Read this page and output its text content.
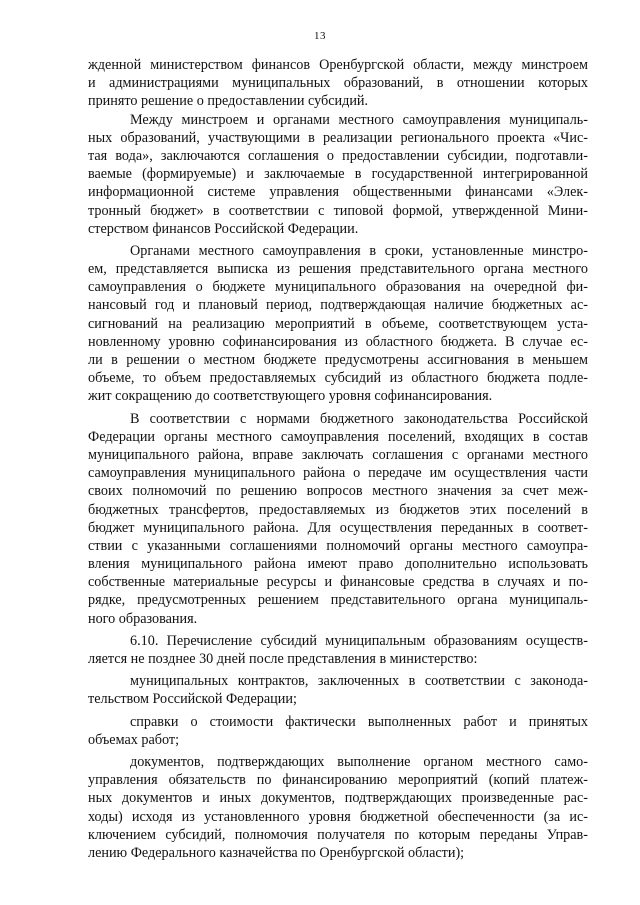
13
жденной министерством финансов Оренбургской области, между минстроем
и администрациями муниципальных образований, в отношении которых
принято решение о предоставлении субсидий.
Между минстроем и органами местного самоуправления муниципаль-
ных образований, участвующими в реализации регионального проекта «Чис-
тая вода», заключаются соглашения о предоставлении субсидии, подготавли-
ваемые (формируемые) и заключаемые в государственной интегрированной
информационной системе управления общественными финансами «Элек-
тронный бюджет» в соответствии с типовой формой, утвержденной Мини-
стерством финансов Российской Федерации.
Органами местного самоуправления в сроки, установленные минстро-
ем, представляется выписка из решения представительного органа местного
самоуправления о бюджете муниципального образования на очередной фи-
нансовый год и плановый период, подтверждающая наличие бюджетных ас-
сигнований на реализацию мероприятий в объеме, соответствующем уста-
новленному уровню софинансирования из областного бюджета. В случае ес-
ли в решении о местном бюджете предусмотрены ассигнования в меньшем
объеме, то объем предоставляемых субсидий из областного бюджета подле-
жит сокращению до соответствующего уровня софинансирования.
В соответствии с нормами бюджетного законодательства Российской
Федерации органы местного самоуправления поселений, входящих в состав
муниципального района, вправе заключать соглашения с органами местного
самоуправления муниципального района о передаче им осуществления части
своих полномочий по решению вопросов местного значения за счет меж-
бюджетных трансфертов, предоставляемых из бюджетов этих поселений в
бюджет муниципального района. Для осуществления переданных в соответ-
ствии с указанными соглашениями полномочий органы местного самоупра-
вления муниципального района имеют право дополнительно использовать
собственные материальные ресурсы и финансовые средства в случаях и по-
рядке, предусмотренных решением представительного органа муниципаль-
ного образования.
6.10. Перечисление субсидий муниципальным образованиям осуществ-
ляется не позднее 30 дней после представления в министерство:
муниципальных контрактов, заключенных в соответствии с законода-
тельством Российской Федерации;
справки о стоимости фактически выполненных работ и принятых
объемах работ;
документов, подтверждающих выполнение органом местного само-
управления обязательств по финансированию мероприятий (копий платеж-
ных документов и иных документов, подтверждающих произведенные рас-
ходы) исходя из установленного уровня бюджетной обеспеченности (за ис-
ключением субсидий, полномочия получателя по которым переданы Управ-
лению Федерального казначейства по Оренбургской области);
